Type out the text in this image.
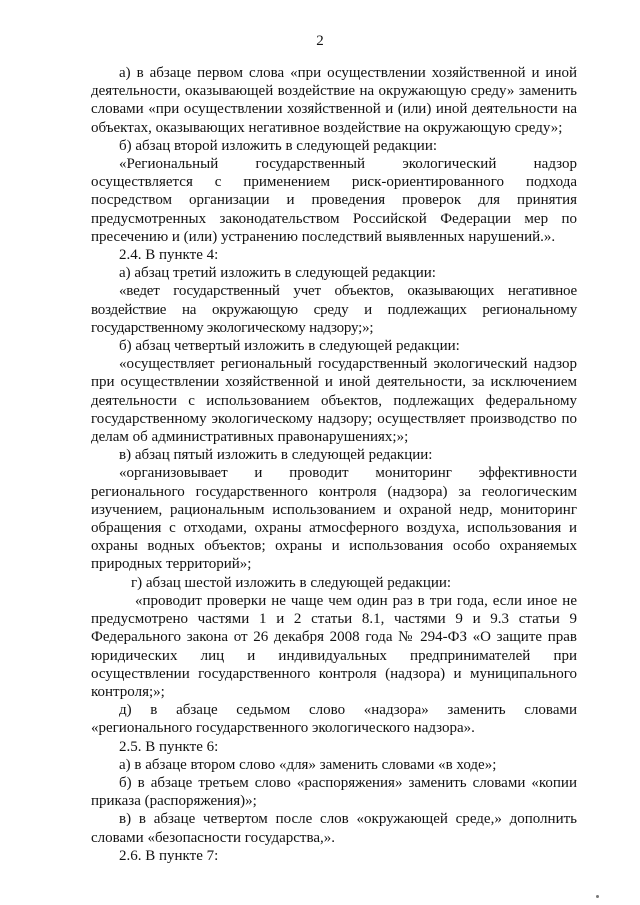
2

а) в абзаце первом слова «при осуществлении хозяйственной и иной деятельности, оказывающей воздействие на окружающую среду» заменить словами «при осуществлении хозяйственной и (или) иной деятельности на объектах, оказывающих негативное воздействие на окружающую среду»;

б) абзац второй изложить в следующей редакции:

«Региональный государственный экологический надзор осуществляется с применением риск-ориентированного подхода посредством организации и проведения проверок для принятия предусмотренных законодательством Российской Федерации мер по пресечению и (или) устранению последствий выявленных нарушений.».

2.4. В пункте 4:

а) абзац третий изложить в следующей редакции:

«ведет государственный учет объектов, оказывающих негативное воздействие на окружающую среду и подлежащих региональному государственному экологическому надзору;»;

б) абзац четвертый изложить в следующей редакции:

«осуществляет региональный государственный экологический надзор при осуществлении хозяйственной и иной деятельности, за исключением деятельности с использованием объектов, подлежащих федеральному государственному экологическому надзору; осуществляет производство по делам об административных правонарушениях;»;

в) абзац пятый изложить в следующей редакции:

«организовывает и проводит мониторинг эффективности регионального государственного контроля (надзора) за геологическим изучением, рациональным использованием и охраной недр, мониторинг обращения с отходами, охраны атмосферного воздуха, использования и охраны водных объектов; охраны и использования особо охраняемых природных территорий»;

г) абзац шестой изложить в следующей редакции:

«проводит проверки не чаще чем один раз в три года, если иное не предусмотрено частями 1 и 2 статьи 8.1, частями 9 и 9.3 статьи 9 Федерального закона от 26 декабря 2008 года № 294-ФЗ «О защите прав юридических лиц и индивидуальных предпринимателей при осуществлении государственного контроля (надзора) и муниципального контроля;»;

д) в абзаце седьмом слово «надзора» заменить словами «регионального государственного экологического надзора».

2.5. В пункте 6:

а) в абзаце втором слово «для» заменить словами «в ходе»;

б) в абзаце третьем слово «распоряжения» заменить словами «копии приказа (распоряжения)»;

в) в абзаце четвертом после слов «окружающей среде,» дополнить словами «безопасности государства,».

2.6. В пункте 7:
